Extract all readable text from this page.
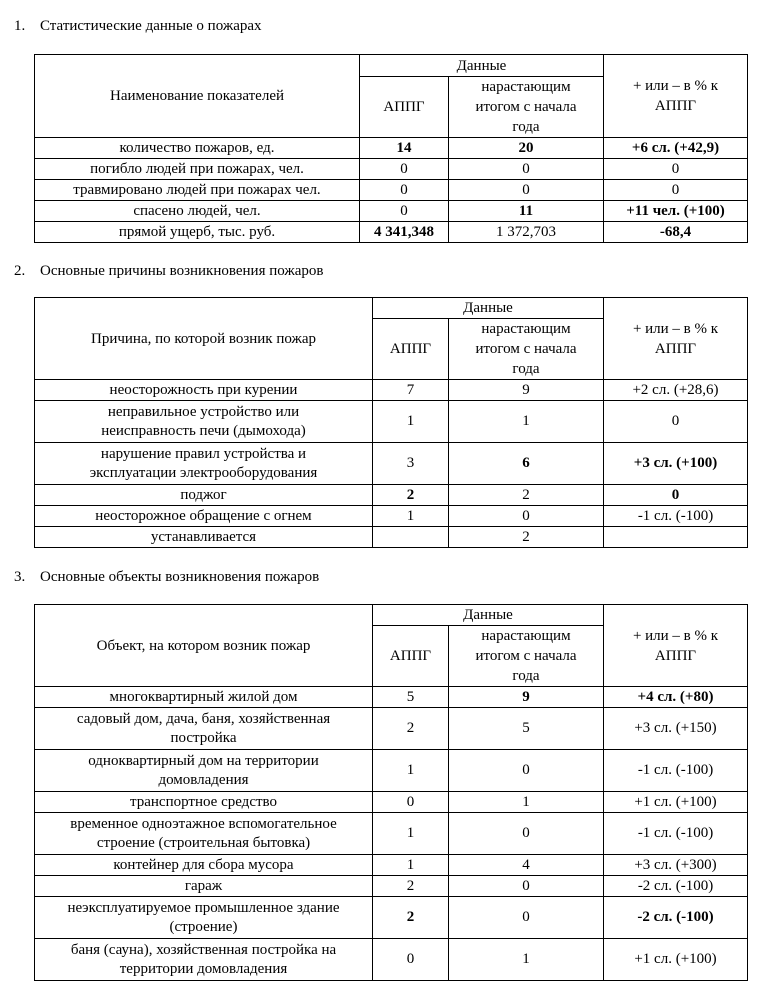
1. Статистические данные о пожарах
Наименование показателей	Данные		+ или – в % к АППГ
	АППГ	нарастающим итогом с начала года	
количество пожаров, ед.	14	20	+6 сл. (+42,9)
погибло людей при пожарах, чел.	0	0	0
травмировано людей при пожарах чел.	0	0	0
спасено людей, чел.	0	11	+11 чел. (+100)
прямой ущерб, тыс. руб.	4 341,348	1 372,703	-68,4
2. Основные причины возникновения пожаров
Причина, по которой возник пожар	Данные		+ или – в % к АППГ
	АППГ	нарастающим итогом с начала года	
неосторожность при курении	7	9	+2 сл. (+28,6)
неправильное устройство или неисправность печи (дымохода)	1	1	0
нарушение правил устройства и эксплуатации электрооборудования	3	6	+3 сл. (+100)
поджог	2	2	0
неосторожное обращение с огнем	1	0	-1 сл. (-100)
устанавливается		2	
3. Основные объекты возникновения пожаров
Объект, на котором возник пожар	Данные		+ или – в % к АППГ
	АППГ	нарастающим итогом с начала года	
многоквартирный жилой дом	5	9	+4 сл. (+80)
садовый дом, дача, баня, хозяйственная постройка	2	5	+3 сл. (+150)
одноквартирный дом на территории домовладения	1	0	-1 сл. (-100)
транспортное средство	0	1	+1 сл. (+100)
временное одноэтажное вспомогательное строение (строительная бытовка)	1	0	-1 сл. (-100)
контейнер для сбора мусора	1	4	+3 сл. (+300)
гараж	2	0	-2 сл. (-100)
неэксплуатируемое промышленное здание (строение)	2	0	-2 сл. (-100)
баня (сауна), хозяйственная постройка на территории домовладения	0	1	+1 сл. (+100)
